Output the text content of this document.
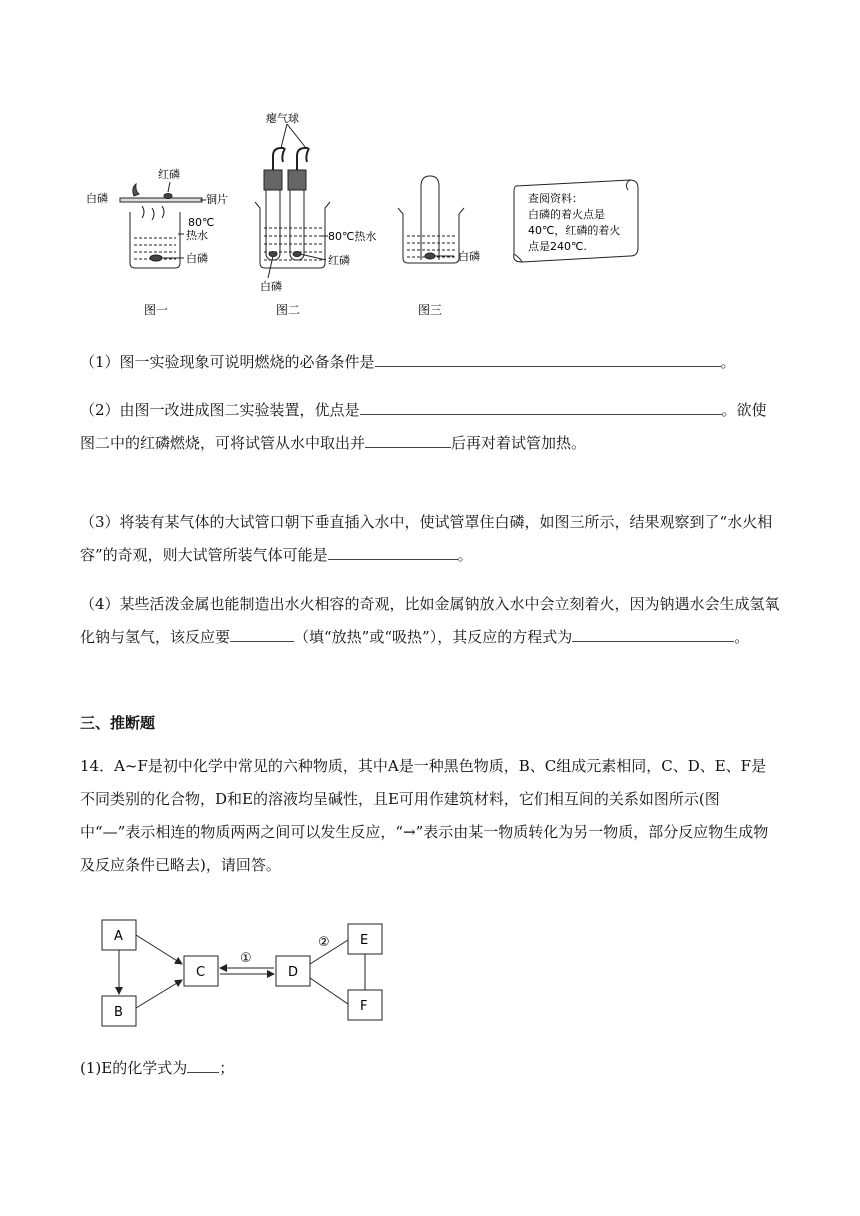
红磷
白磷	铜片
80℃
热水
白磷
图一
瘪气球
80℃热水
红磷
白磷
图二
白磷
图三
查阅资料：
白磷的着火点是
40℃，红磷的着火
点是240℃.

（1）图一实验现象可说明燃烧的必备条件是	。

（2）由图一改进成图二实验装置，优点是	。欲使图二中的红磷燃烧，可将试管从水中取出并	后再对着试管加热。

（3）将装有某气体的大试管口朝下垂直插入水中，使试管罩住白磷，如图三所示，结果观察到了“水火相容”的奇观，则大试管所装气体可能是	。

（4）某些活泼金属也能制造出水火相容的奇观，比如金属钠放入水中会立刻着火，因为钠遇水会生成氢氧化钠与氢气，该反应要	（填“放热”或“吸热”），其反应的方程式为	。

三、推断题

14．A~F是初中化学中常见的六种物质，其中A是一种黑色物质，B、C组成元素相同，C、D、E、F是不同类别的化合物，D和E的溶液均呈碱性，且E可用作建筑材料，它们相互间的关系如图所示(图中“—”表示相连的物质两两之间可以发生反应，“→”表示由某一物质转化为另一物质，部分反应物生成物及反应条件已略去)，请回答。

A
B
C	D
E
F
①
②

(1)E的化学式为 ；
